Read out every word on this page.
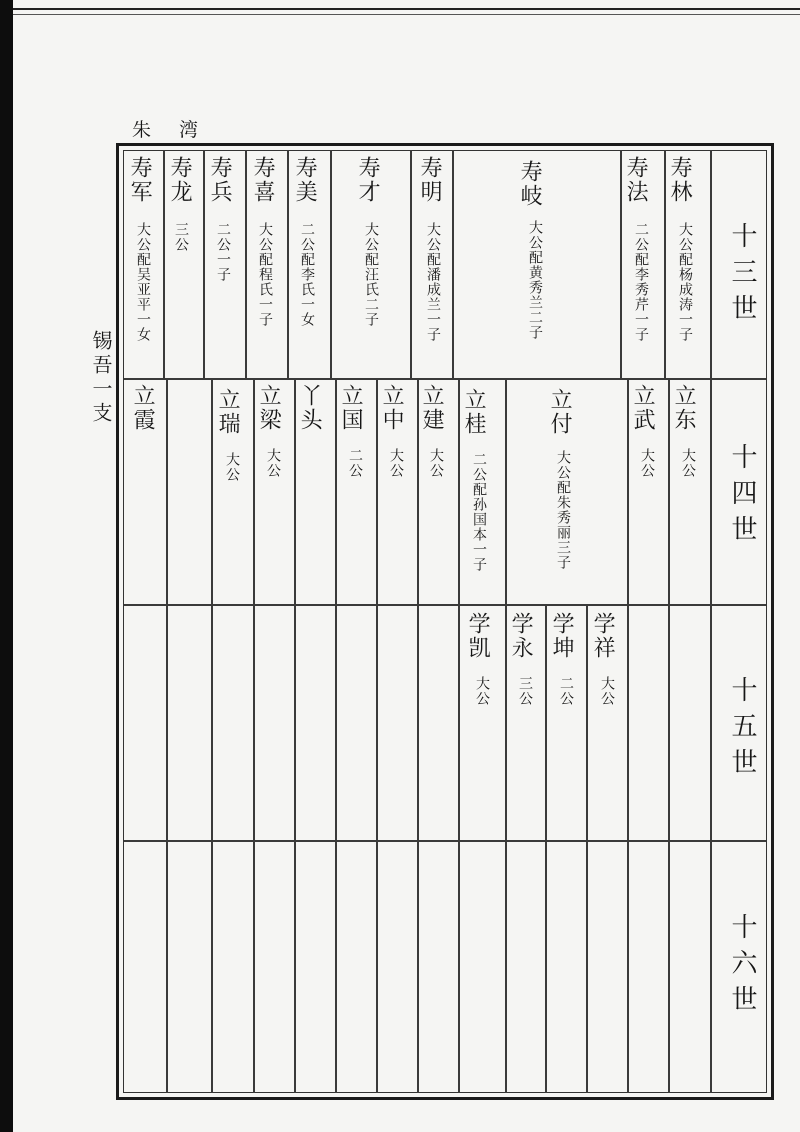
朱湾
锡吾一支
十三世
十四世
十五世
十六世
寿林
大公配杨成涛一子
寿法
二公配李秀芹一子
寿岐
大公配黄秀兰二子
寿明
大公配潘成兰一子
寿才
大公配汪氏二子
寿美
二公配李氏一女
寿喜
大公配程氏一子
寿兵
二公一子
寿龙
三公
寿军
大公配吴亚平一女
立东
大公
立武
大公
立付
大公配朱秀丽三子
立桂
二公配孙国本一子
立建
大公
立中
大公
立国
二公
丫头
立梁
大公
立瑞
大公
立霞
学祥
大公
学坤
二公
学永
三公
学凯
大公
